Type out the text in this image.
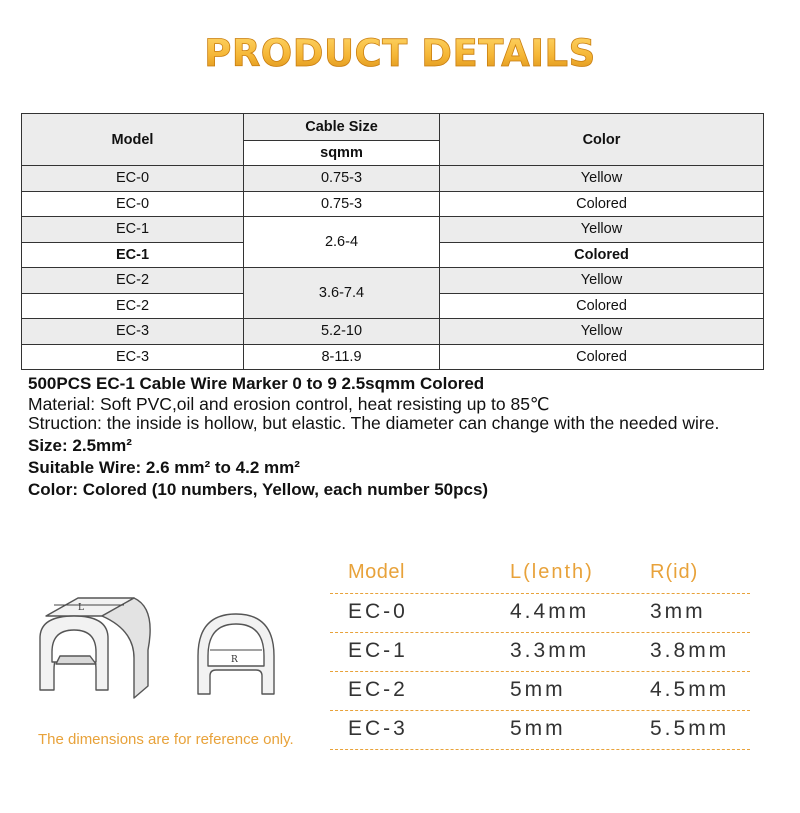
PRODUCT DETAILS
Model	Cable Size	Color
	sqmm	
EC-0	0.75-3	Yellow
EC-0	0.75-3	Colored
EC-1	2.6-4	Yellow
EC-1		Colored
EC-2	3.6-7.4	Yellow
EC-2		Colored
EC-3	5.2-10	Yellow
EC-3	8-11.9	Colored
500PCS EC-1 Cable Wire Marker 0 to 9 2.5sqmm Colored
Material: Soft PVC,oil and erosion control, heat resisting up to 85℃
Struction: the inside is hollow, but elastic. The diameter can change with the needed wire.
Size: 2.5mm²
Suitable Wire: 2.6 mm² to 4.2 mm²
Color: Colored (10 numbers, Yellow, each number 50pcs)
L
R
Model	L(lenth)	R(id)
EC-0	4.4mm	3mm
EC-1	3.3mm	3.8mm
EC-2	5mm	4.5mm
EC-3	5mm	5.5mm
The dimensions are for reference only.
